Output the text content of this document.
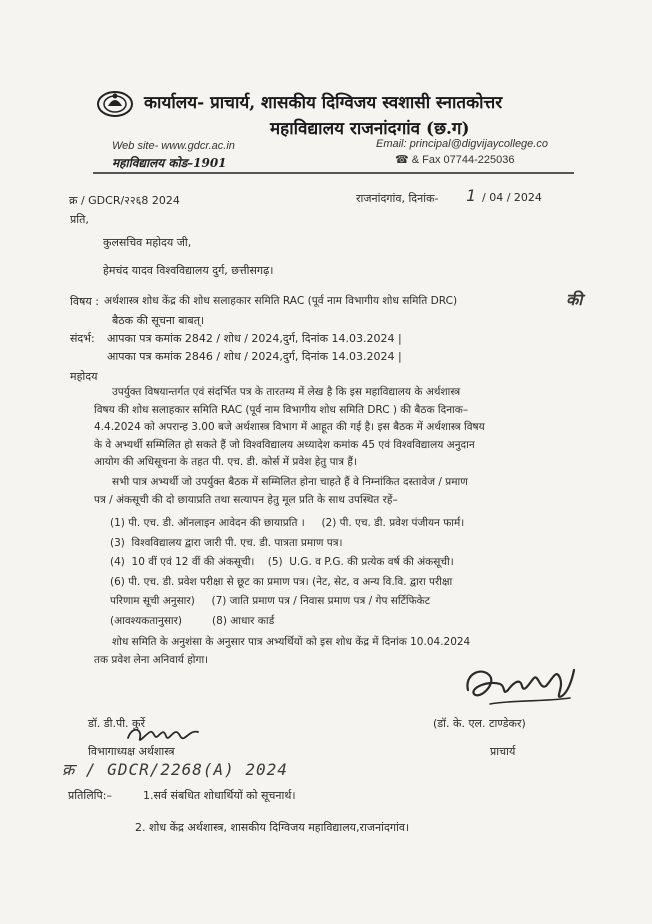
कार्यालय- प्राचार्य, शासकीय दिग्विजय स्वशासी स्नातकोत्तर
महाविद्यालय राजनांदगांव (छ.ग)
Web site- www.gdcr.ac.in	Email: principal@digvijaycollege.co
महाविद्यालय कोड–1901	☎ & Fax 07744-225036
क्र / GDCR/२२६8 2024	राजनांदगांव, दिनांक- 1 / 04 / 2024
प्रति,
कुलसचिव महोदय जी,
हेमचंद यादव विश्वविद्यालय दुर्ग, छत्तीसगढ़।
विषय : अर्थशास्त्र शोध केंद्र की शोध सलाहकार समिति RAC (पूर्व नाम विभागीय शोध समिति DRC)	की
बैठक की सूचना बाबत्।
संदर्भ: आपका पत्र कमांक 2842 / शोध / 2024,दुर्ग, दिनांक 14.03.2024 |
आपका पत्र कमांक 2846 / शोध / 2024,दुर्ग, दिनांक 14.03.2024 |
महोदय
उपर्युक्त विषयान्तर्गत एवं संदर्भित पत्र के तारतम्य में लेख है कि इस महाविद्यालय के अर्थशास्त्र
विषय की शोध सलाहकार समिति RAC (पूर्व नाम विभागीय शोध समिति DRC ) की बैठक दिनाक–
4.4.2024 को अपरान्ह 3.00 बजे अर्थशास्त्र विभाग में आहूत की गई है। इस बैठक में अर्थशास्त्र विषय
के वे अभ्यर्थी सम्मिलित हो सकते हैं जो विश्वविद्यालय अध्यादेश कमांक 45 एवं विश्वविद्यालय अनुदान
आयोग की अधिसूचना के तहत पी. एच. डी. कोर्स में प्रवेश हेतु पात्र हैं।
सभी पात्र अभ्यर्थी जो उपर्युक्त बैठक में सम्मिलित होना चाहते हैं वे निम्नांकित दस्तावेज / प्रमाण
पत्र / अंकसूची की दो छायाप्रति तथा सत्यापन हेतु मूल प्रति के साथ उपस्थित रहें–
(1) पी. एच. डी. ऑनलाइन आवेदन की छायाप्रति ।     (2) पी. एच. डी. प्रवेश पंजीयन फार्म।
(3)  विश्वविद्यालय द्वारा जारी पी. एच. डी. पात्रता प्रमाण पत्र।
(4)  10 वीं एवं 12 वीं की अंकसूची।    (5)  U.G. व P.G. की प्रत्येक वर्ष की अंकसूची।
(6) पी. एच. डी. प्रवेश परीक्षा से छूट का प्रमाण पत्र। (नेट, सेट, व अन्य वि.वि. द्वारा परीक्षा
परिणाम सूची अनुसार)     (7) जाति प्रमाण पत्र / निवास प्रमाण पत्र / गेप सर्टिफिकेट
(आवश्यकतानुसार)         (8) आधार कार्ड
शोध समिति के अनुशंसा के अनुसार पात्र अभ्यर्थियों को इस शोध केंद्र में दिनांक 10.04.2024
तक प्रवेश लेना अनिवार्य होगा।
(डॉ. के. एल. टाण्डेकर)
प्राचार्य
डॉ. डी.पी. कुर्रे
विभागाध्यक्ष अर्थशास्त्र
क्र / GDCR/2268(A) 2024
प्रतिलिपि:–	1.सर्व संबधित शोधार्थियों को सूचनार्थ।
2. शोध केंद्र अर्थशास्त्र, शासकीय दिग्विजय महाविद्यालय,राजनांदगांव।
